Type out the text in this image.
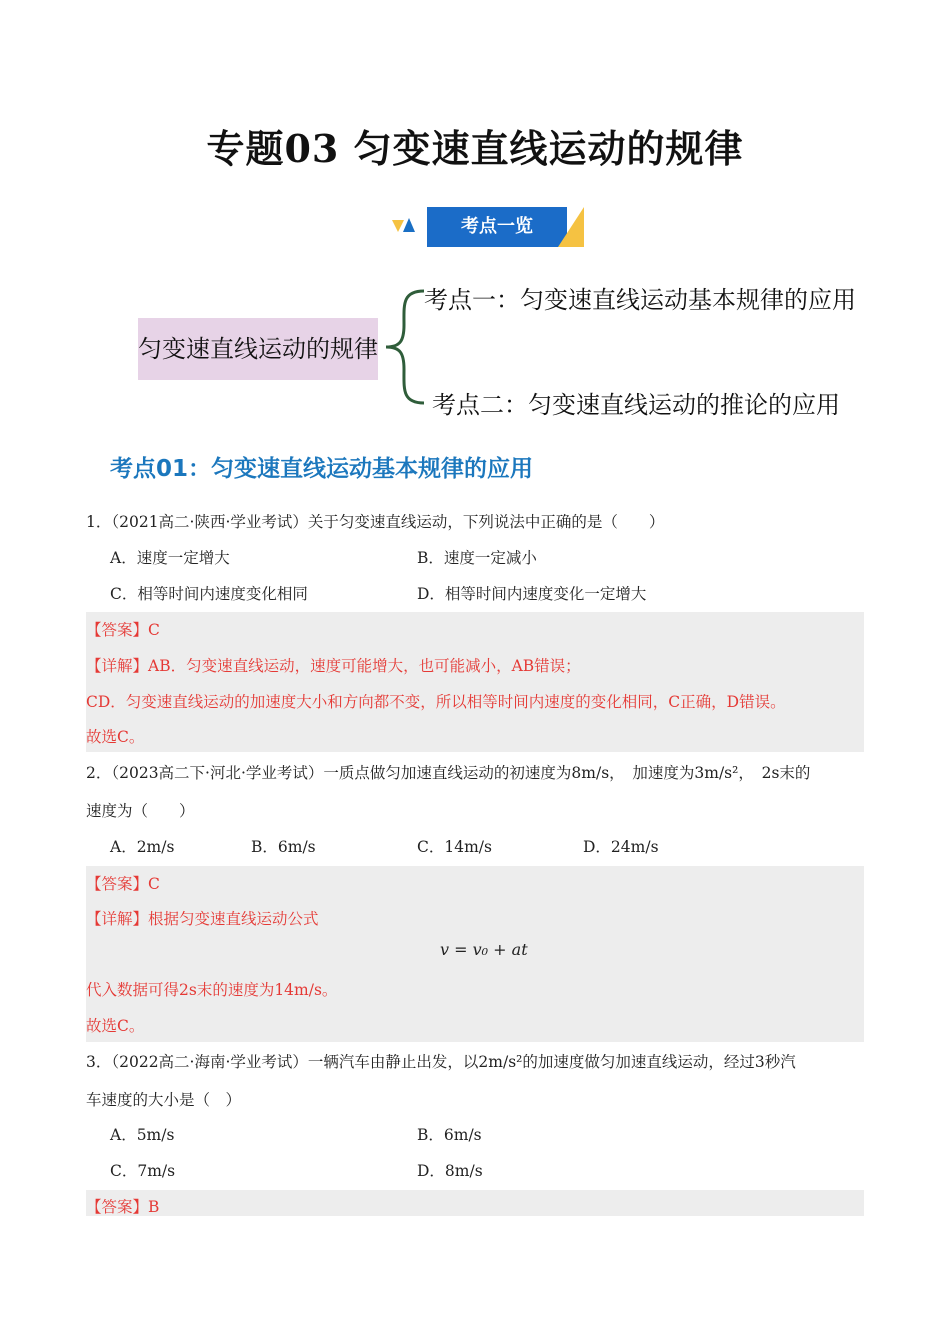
专题03 匀变速直线运动的规律
考点一览
匀变速直线运动的规律
考点一：匀变速直线运动基本规律的应用
考点二：匀变速直线运动的推论的应用
考点01：匀变速直线运动基本规律的应用
1．（2021高二·陕西·学业考试）关于匀变速直线运动，下列说法中正确的是（　　）
A．速度一定增大	B．速度一定减小
C．相等时间内速度变化相同	D．相等时间内速度变化一定增大
【答案】C
【详解】AB．匀变速直线运动，速度可能增大，也可能减小，AB错误；
CD．匀变速直线运动的加速度大小和方向都不变，所以相等时间内速度的变化相同，C正确，D错误。
故选C。
2．（2023高二下·河北·学业考试）一质点做匀加速直线运动的初速度为8m/s，　加速度为3m/s²，　2s末的
速度为（　　）
A．2m/s	B．6m/s	C．14m/s	D．24m/s
【答案】C
【详解】根据匀变速直线运动公式
v = v₀ + at
代入数据可得2s末的速度为14m/s。
故选C。
3．（2022高二·海南·学业考试）一辆汽车由静止出发，以2m/s²的加速度做匀加速直线运动，经过3秒汽
车速度的大小是（　）
A．5m/s	B．6m/s
C．7m/s	D．8m/s
【答案】B
